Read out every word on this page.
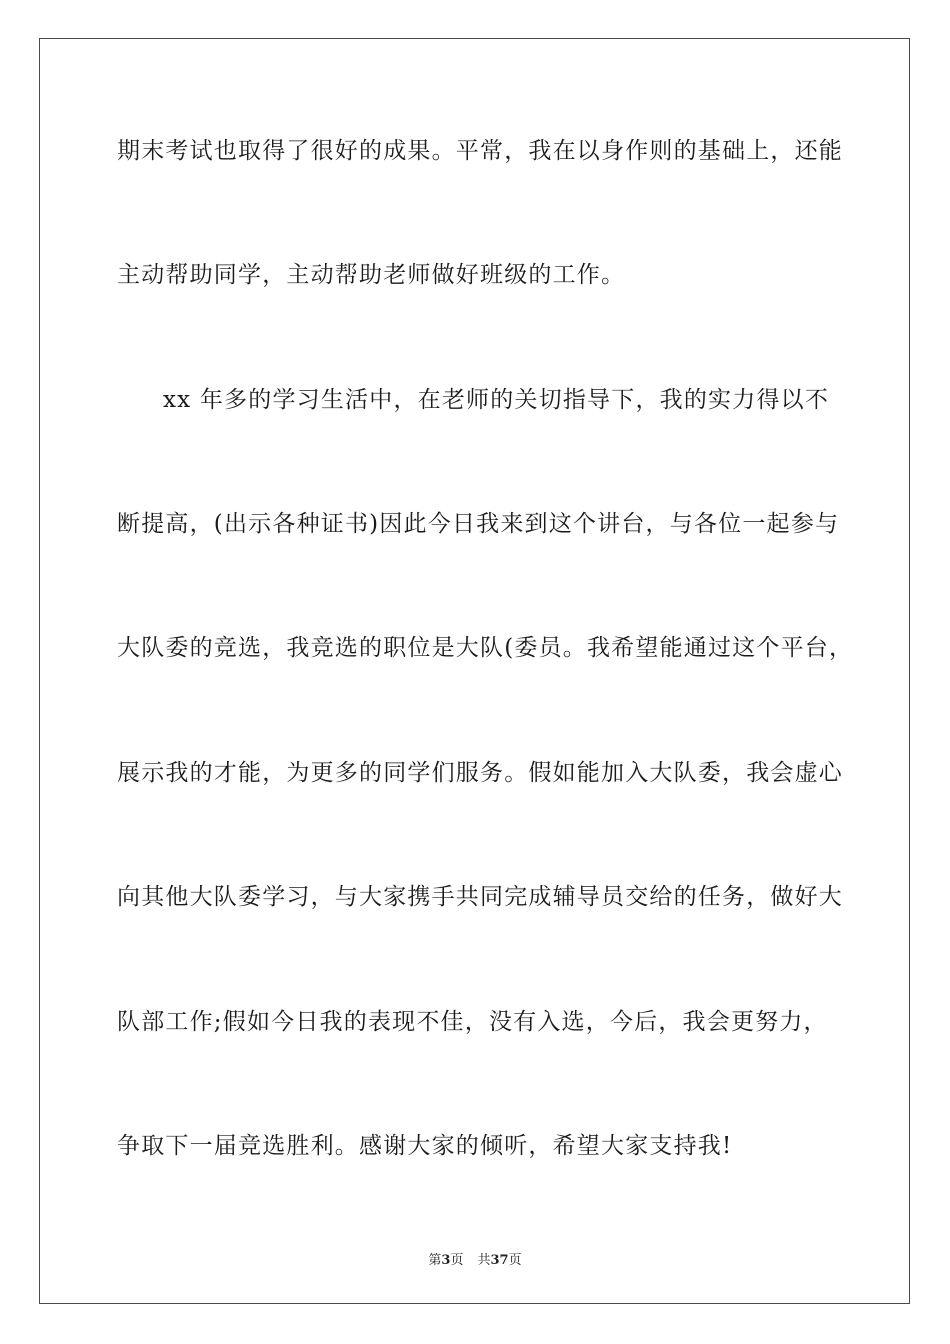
期末考试也取得了很好的成果。平常，我在以身作则的基础上，还能
主动帮助同学，主动帮助老师做好班级的工作。
xx 年多的学习生活中，在老师的关切指导下，我的实力得以不
断提高，(出示各种证书)因此今日我来到这个讲台，与各位一起参与
大队委的竞选，我竞选的职位是大队(委员。我希望能通过这个平台，
展示我的才能，为更多的同学们服务。假如能加入大队委，我会虚心
向其他大队委学习，与大家携手共同完成辅导员交给的任务，做好大
队部工作;假如今日我的表现不佳，没有入选，今后，我会更努力，
争取下一届竞选胜利。感谢大家的倾听，希望大家支持我!
第3页 共37页
